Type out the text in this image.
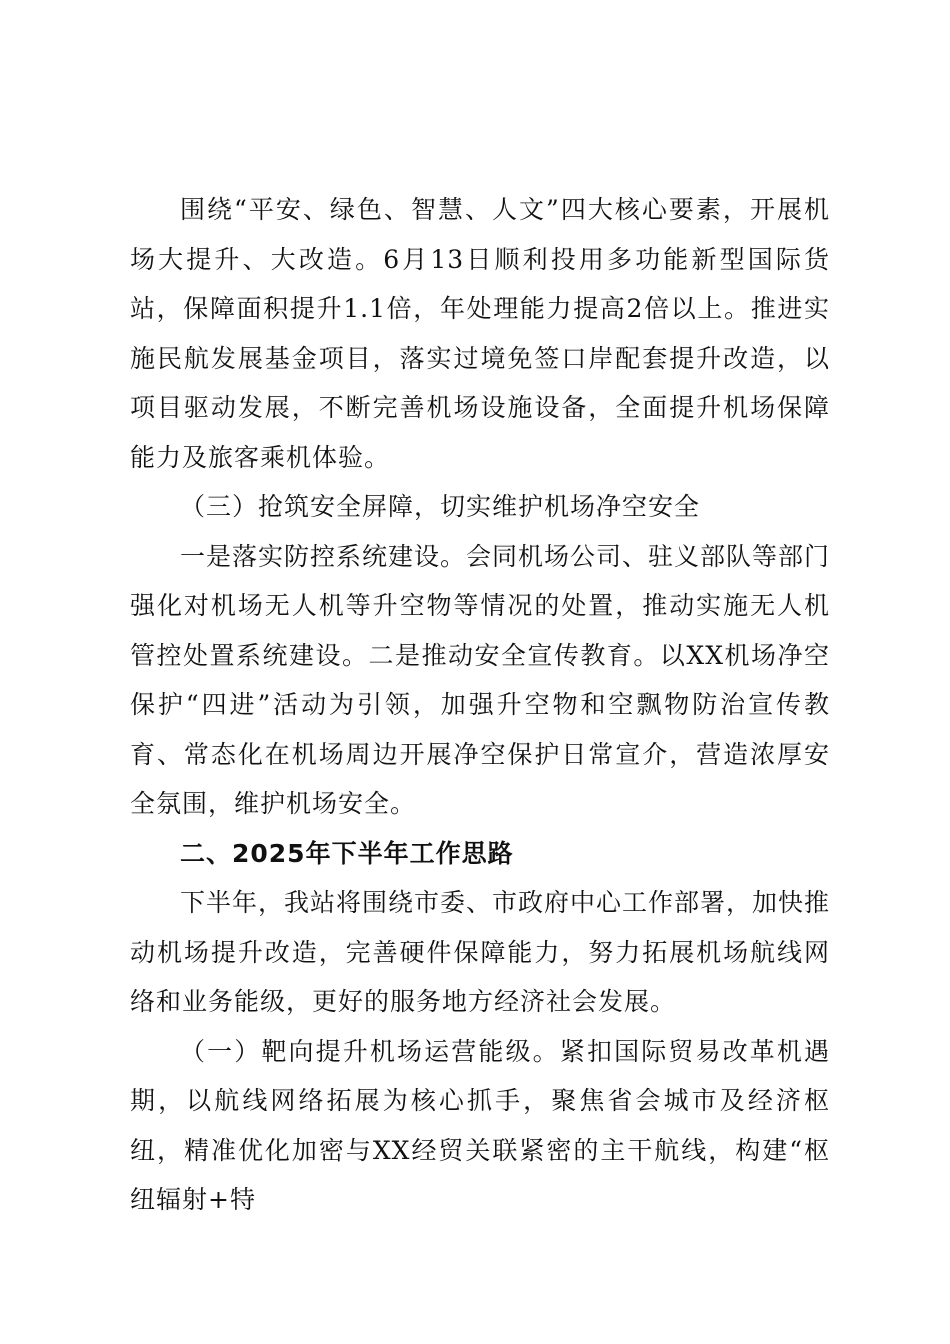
围绕“平安、绿色、智慧、人文”四大核心要素，开展机场大提升、大改造。6月13日顺利投用多功能新型国际货站，保障面积提升1.1倍，年处理能力提高2倍以上。推进实施民航发展基金项目，落实过境免签口岸配套提升改造，以项目驱动发展，不断完善机场设施设备，全面提升机场保障能力及旅客乘机体验。

（三）抢筑安全屏障，切实维护机场净空安全

一是落实防控系统建设。会同机场公司、驻义部队等部门强化对机场无人机等升空物等情况的处置，推动实施无人机管控处置系统建设。二是推动安全宣传教育。以XX机场净空保护“四进”活动为引领，加强升空物和空飘物防治宣传教育、常态化在机场周边开展净空保护日常宣介，营造浓厚安全氛围，维护机场安全。

二、2025年下半年工作思路

下半年，我站将围绕市委、市政府中心工作部署，加快推动机场提升改造，完善硬件保障能力，努力拓展机场航线网络和业务能级，更好的服务地方经济社会发展。

（一）靶向提升机场运营能级。紧扣国际贸易改革机遇期，以航线网络拓展为核心抓手，聚焦省会城市及经济枢纽，精准优化加密与XX经贸关联紧密的主干航线，构建“枢纽辐射+特
